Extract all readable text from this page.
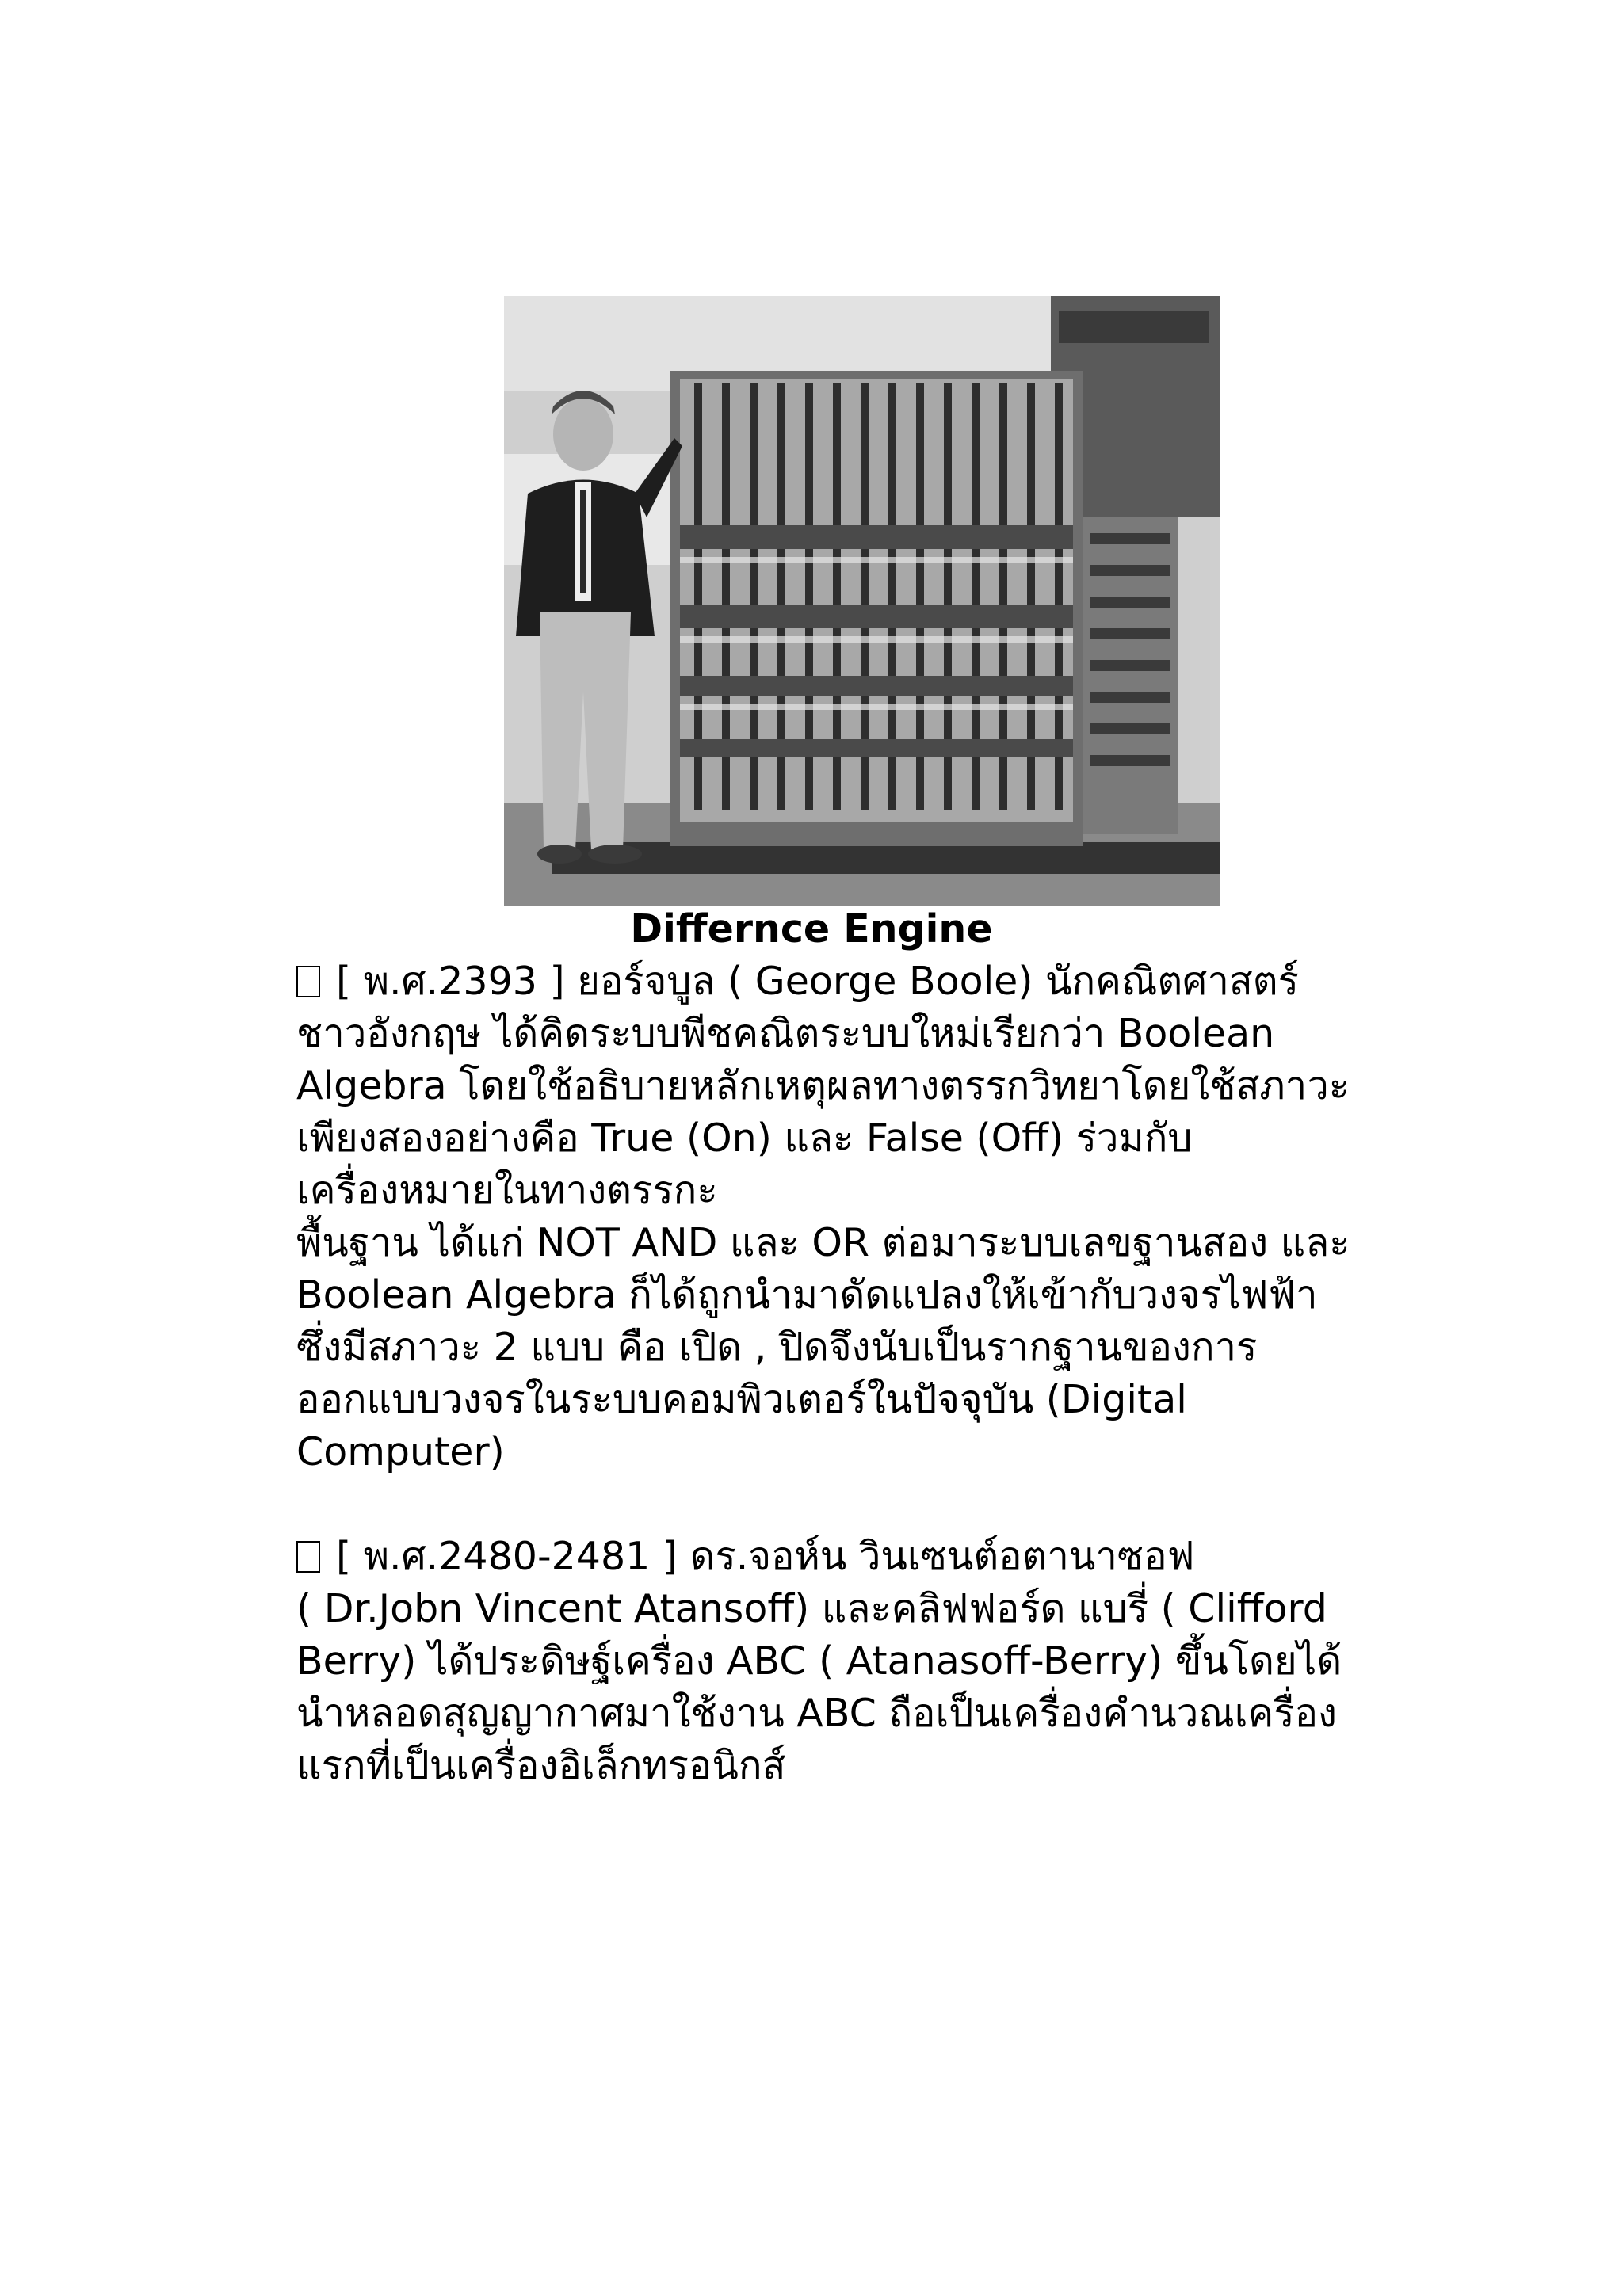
Differnce Engine

[ พ.ศ.2393 ] ยอร์จบูล ( George Boole) นักคณิตศาสตร์
ชาวอังกฤษ ได้คิดระบบพีชคณิตระบบใหม่เรียกว่า Boolean
Algebra โดยใช้อธิบายหลักเหตุผลทางตรรกวิทยาโดยใช้สภาวะ
เพียงสองอย่างคือ True (On) และ False (Off) ร่วมกับ
เครื่องหมายในทางตรรกะ
พื้นฐาน ได้แก่ NOT AND และ OR ต่อมาระบบเลขฐานสอง และ
Boolean Algebra ก็ได้ถูกนำมาดัดแปลงให้เข้ากับวงจรไฟฟ้า
ซึ่งมีสภาวะ 2 แบบ คือ เปิด , ปิดจึงนับเป็นรากฐานของการ
ออกแบบวงจรในระบบคอมพิวเตอร์ในปัจจุบัน (Digital
Computer)

[ พ.ศ.2480-2481 ] ดร.จอห์น วินเซนต์อตานาซอฟ
( Dr.Jobn Vincent Atansoff) และคลิฟฟอร์ด แบรี่ ( Clifford
Berry) ได้ประดิษฐ์เครื่อง ABC ( Atanasoff-Berry) ขึ้นโดยได้
นำหลอดสุญญากาศมาใช้งาน ABC ถือเป็นเครื่องคำนวณเครื่อง
แรกที่เป็นเครื่องอิเล็กทรอนิกส์
